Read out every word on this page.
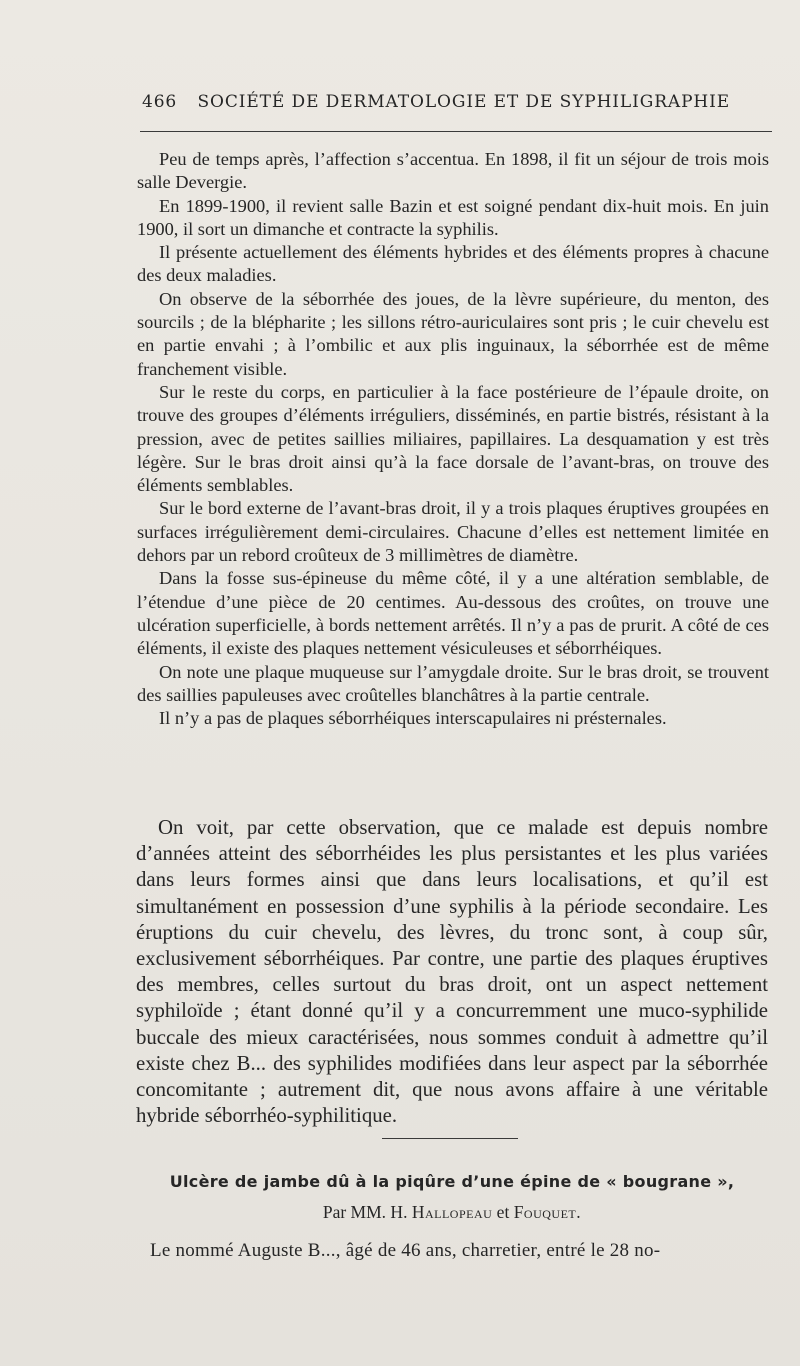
466 SOCIÉTÉ DE DERMATOLOGIE ET DE SYPHILIGRAPHIE

Peu de temps après, l’affection s’accentua. En 1898, il fit un séjour de trois mois salle Devergie.

En 1899-1900, il revient salle Bazin et est soigné pendant dix-huit mois. En juin 1900, il sort un dimanche et contracte la syphilis.

Il présente actuellement des éléments hybrides et des éléments propres à chacune des deux maladies.

On observe de la séborrhée des joues, de la lèvre supérieure, du menton, des sourcils ; de la blépharite ; les sillons rétro-auriculaires sont pris ; le cuir chevelu est en partie envahi ; à l’ombilic et aux plis inguinaux, la séborrhée est de même franchement visible.

Sur le reste du corps, en particulier à la face postérieure de l’épaule droite, on trouve des groupes d’éléments irréguliers, disséminés, en partie bistrés, résistant à la pression, avec de petites saillies miliaires, papillaires. La desquamation y est très légère. Sur le bras droit ainsi qu’à la face dorsale de l’avant-bras, on trouve des éléments semblables.

Sur le bord externe de l’avant-bras droit, il y a trois plaques éruptives groupées en surfaces irrégulièrement demi-circulaires. Chacune d’elles est nettement limitée en dehors par un rebord croûteux de 3 millimètres de diamètre.

Dans la fosse sus-épineuse du même côté, il y a une altération semblable, de l’étendue d’une pièce de 20 centimes. Au-dessous des croûtes, on trouve une ulcération superficielle, à bords nettement arrêtés. Il n’y a pas de prurit. A côté de ces éléments, il existe des plaques nettement vésiculeuses et séborrhéiques.

On note une plaque muqueuse sur l’amygdale droite. Sur le bras droit, se trouvent des saillies papuleuses avec croûtelles blanchâtres à la partie centrale.

Il n’y a pas de plaques séborrhéiques interscapulaires ni présternales.

On voit, par cette observation, que ce malade est depuis nombre d’années atteint des séborrhéides les plus persistantes et les plus variées dans leurs formes ainsi que dans leurs localisations, et qu’il est simultanément en possession d’une syphilis à la période secondaire. Les éruptions du cuir chevelu, des lèvres, du tronc sont, à coup sûr, exclusivement séborrhéiques. Par contre, une partie des plaques éruptives des membres, celles surtout du bras droit, ont un aspect nettement syphiloïde ; étant donné qu’il y a concurremment une muco-syphilide buccale des mieux caractérisées, nous sommes conduit à admettre qu’il existe chez B... des syphilides modifiées dans leur aspect par la séborrhée concomitante ; autrement dit, que nous avons affaire à une véritable hybride séborrhéo-syphilitique.

Ulcère de jambe dû à la piqûre d’une épine de « bougrane »,
Par MM. H. Hallopeau et Fouquet.
Le nommé Auguste B..., âgé de 46 ans, charretier, entré le 28 no-
